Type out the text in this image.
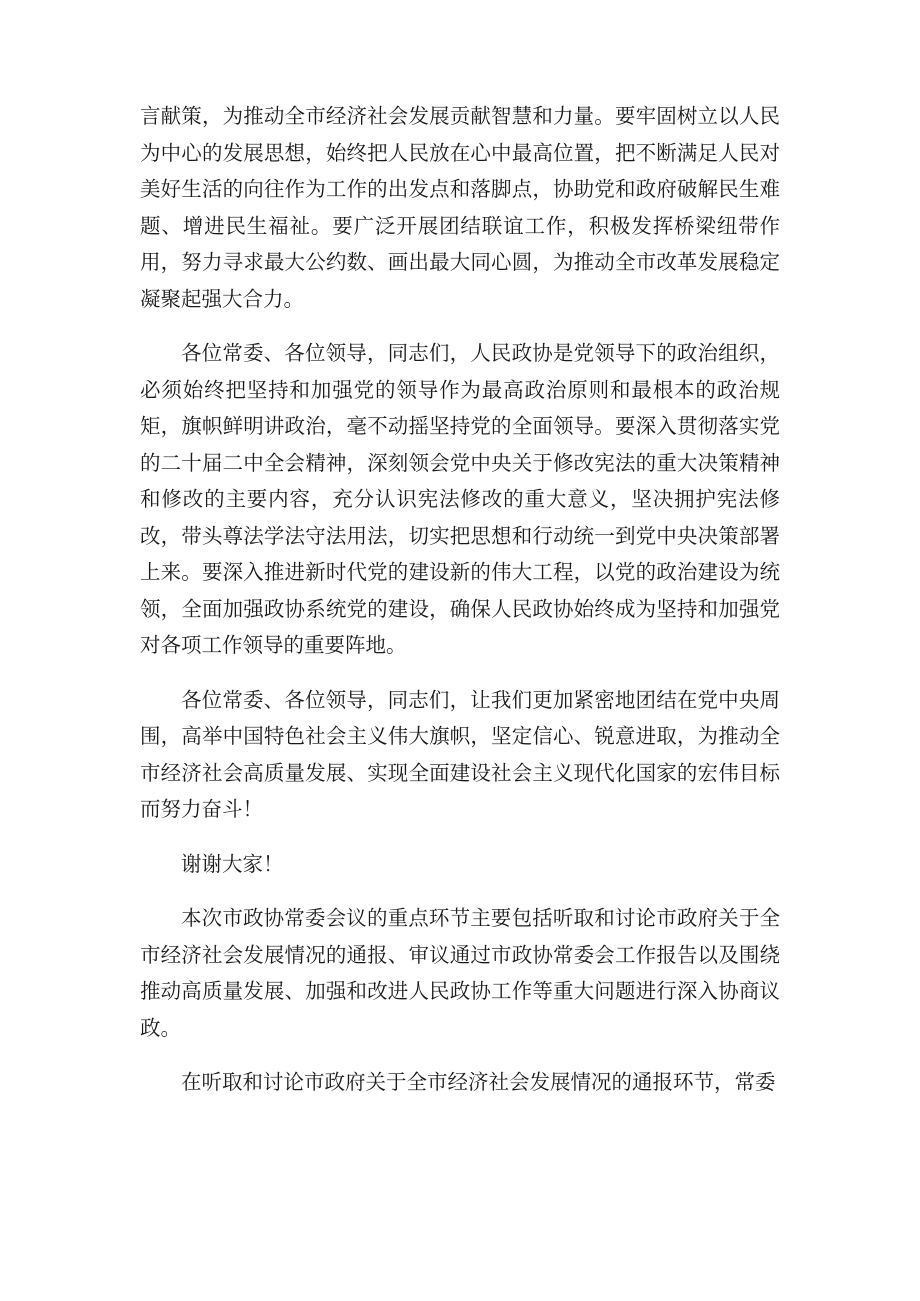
言献策，为推动全市经济社会发展贡献智慧和力量。要牢固树立以人民为中心的发展思想，始终把人民放在心中最高位置，把不断满足人民对美好生活的向往作为工作的出发点和落脚点，协助党和政府破解民生难题、增进民生福祉。要广泛开展团结联谊工作，积极发挥桥梁纽带作用，努力寻求最大公约数、画出最大同心圆，为推动全市改革发展稳定凝聚起强大合力。

各位常委、各位领导，同志们，人民政协是党领导下的政治组织，必须始终把坚持和加强党的领导作为最高政治原则和最根本的政治规矩，旗帜鲜明讲政治，毫不动摇坚持党的全面领导。要深入贯彻落实党的二十届二中全会精神，深刻领会党中央关于修改宪法的重大决策精神和修改的主要内容，充分认识宪法修改的重大意义，坚决拥护宪法修改，带头尊法学法守法用法，切实把思想和行动统一到党中央决策部署上来。要深入推进新时代党的建设新的伟大工程，以党的政治建设为统领，全面加强政协系统党的建设，确保人民政协始终成为坚持和加强党对各项工作领导的重要阵地。

各位常委、各位领导，同志们，让我们更加紧密地团结在党中央周围，高举中国特色社会主义伟大旗帜，坚定信心、锐意进取，为推动全市经济社会高质量发展、实现全面建设社会主义现代化国家的宏伟目标而努力奋斗！

谢谢大家！

本次市政协常委会议的重点环节主要包括听取和讨论市政府关于全市经济社会发展情况的通报、审议通过市政协常委会工作报告以及围绕推动高质量发展、加强和改进人民政协工作等重大问题进行深入协商议政。

在听取和讨论市政府关于全市经济社会发展情况的通报环节，常委
